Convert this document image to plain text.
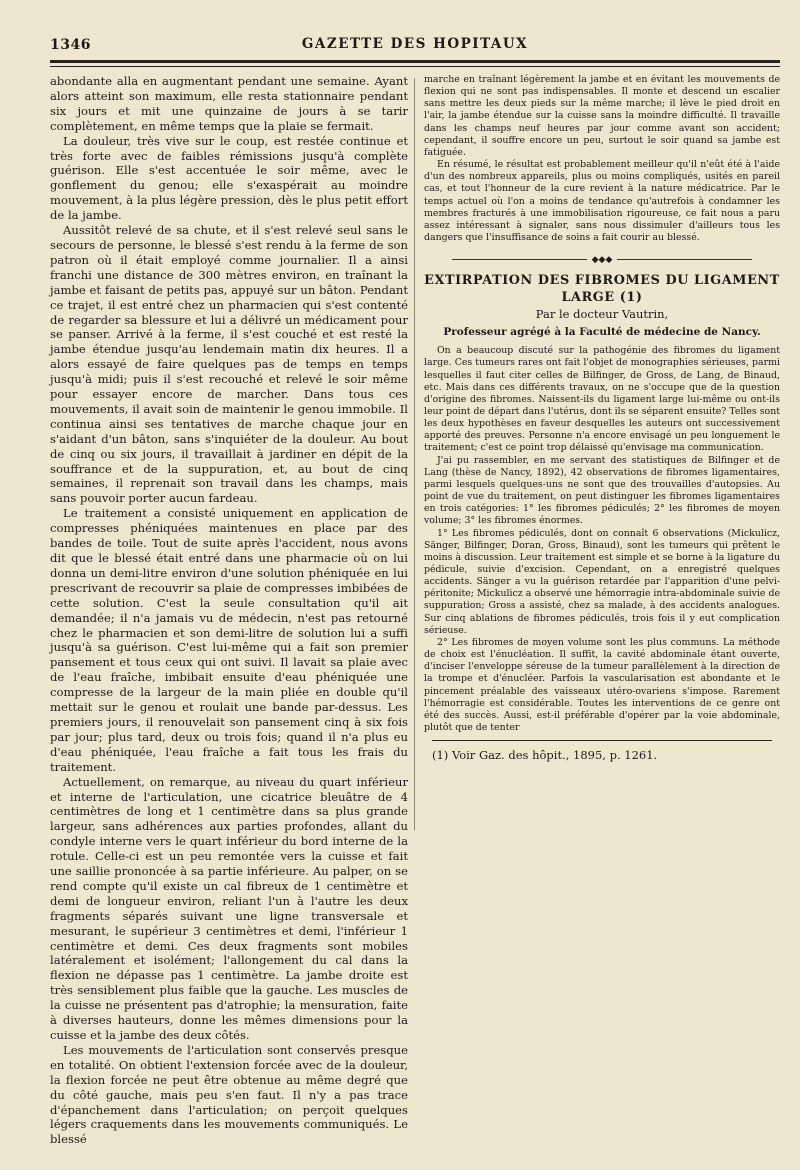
1346	GAZETTE DES HOPITAUX

abondante alla en augmentant pendant une semaine. Ayant alors atteint son maximum, elle resta stationnaire pendant six jours et mit une quinzaine de jours à se tarir complètement, en même temps que la plaie se fermait.

La douleur, très vive sur le coup, est restée continue et très forte avec de faibles rémissions jusqu'à complète guérison. Elle s'est accentuée le soir même, avec le gonflement du genou; elle s'exaspérait au moindre mouvement, à la plus légère pression, dès le plus petit effort de la jambe.

Aussitôt relevé de sa chute, et il s'est relevé seul sans le secours de personne, le blessé s'est rendu à la ferme de son patron où il était employé comme journalier. Il a ainsi franchi une distance de 300 mètres environ, en traînant la jambe et faisant de petits pas, appuyé sur un bâton. Pendant ce trajet, il est entré chez un pharmacien qui s'est contenté de regarder sa blessure et lui a délivré un médicament pour se panser. Arrivé à la ferme, il s'est couché et est resté la jambe étendue jusqu'au lendemain matin dix heures. Il a alors essayé de faire quelques pas de temps en temps jusqu'à midi; puis il s'est recouché et relevé le soir même pour essayer encore de marcher. Dans tous ces mouvements, il avait soin de maintenir le genou immobile. Il continua ainsi ses tentatives de marche chaque jour en s'aidant d'un bâton, sans s'inquiéter de la douleur. Au bout de cinq ou six jours, il travaillait à jardiner en dépit de la souffrance et de la suppuration, et, au bout de cinq semaines, il reprenait son travail dans les champs, mais sans pouvoir porter aucun fardeau.

Le traitement a consisté uniquement en application de compresses phéniquées maintenues en place par des bandes de toile. Tout de suite après l'accident, nous avons dit que le blessé était entré dans une pharmacie où on lui donna un demi-litre environ d'une solution phéniquée en lui prescrivant de recouvrir sa plaie de compresses imbibées de cette solution. C'est la seule consultation qu'il ait demandée; il n'a jamais vu de médecin, n'est pas retourné chez le pharmacien et son demi-litre de solution lui a suffi jusqu'à sa guérison. C'est lui-même qui a fait son premier pansement et tous ceux qui ont suivi. Il lavait sa plaie avec de l'eau fraîche, imbibait ensuite d'eau phéniquée une compresse de la largeur de la main pliée en double qu'il mettait sur le genou et roulait une bande par-dessus. Les premiers jours, il renouvelait son pansement cinq à six fois par jour; plus tard, deux ou trois fois; quand il n'a plus eu d'eau phéniquée, l'eau fraîche a fait tous les frais du traitement.

Actuellement, on remarque, au niveau du quart inférieur et interne de l'articulation, une cicatrice bleuâtre de 4 centimètres de long et 1 centimètre dans sa plus grande largeur, sans adhérences aux parties profondes, allant du condyle interne vers le quart inférieur du bord interne de la rotule. Celle-ci est un peu remontée vers la cuisse et fait une saillie prononcée à sa partie inférieure. Au palper, on se rend compte qu'il existe un cal fibreux de 1 centimètre et demi de longueur environ, reliant l'un à l'autre les deux fragments séparés suivant une ligne transversale et mesurant, le supérieur 3 centimètres et demi, l'inférieur 1 centimètre et demi. Ces deux fragments sont mobiles latéralement et isolément; l'allongement du cal dans la flexion ne dépasse pas 1 centimètre. La jambe droite est très sensiblement plus faible que la gauche. Les muscles de la cuisse ne présentent pas d'atrophie; la mensuration, faite à diverses hauteurs, donne les mêmes dimensions pour la cuisse et la jambe des deux côtés.

Les mouvements de l'articulation sont conservés presque en totalité. On obtient l'extension forcée avec de la douleur, la flexion forcée ne peut être obtenue au même degré que du côté gauche, mais peu s'en faut. Il n'y a pas trace d'épanchement dans l'articulation; on perçoit quelques légers craquements dans les mouvements communiqués. Le blessé

marche en traînant légèrement la jambe et en évitant les mouvements de flexion qui ne sont pas indispensables. Il monte et descend un escalier sans mettre les deux pieds sur la même marche; il lève le pied droit en l'air, la jambe étendue sur la cuisse sans la moindre difficulté. Il travaille dans les champs neuf heures par jour comme avant son accident; cependant, il souffre encore un peu, surtout le soir quand sa jambe est fatiguée.

En résumé, le résultat est probablement meilleur qu'il n'eût été à l'aide d'un des nombreux appareils, plus ou moins compliqués, usités en pareil cas, et tout l'honneur de la cure revient à la nature médicatrice. Par le temps actuel où l'on a moins de tendance qu'autrefois à condamner les membres fracturés à une immobilisation rigoureuse, ce fait nous a paru assez intéressant à signaler, sans nous dissimuler d'ailleurs tous les dangers que l'insuffisance de soins a fait courir au blessé.

◆◆◆
EXTIRPATION DES FIBROMES DU LIGAMENT LARGE (1)
Par le docteur Vautrin,
Professeur agrégé à la Faculté de médecine de Nancy.

On a beaucoup discuté sur la pathogénie des fibromes du ligament large. Ces tumeurs rares ont fait l'objet de monographies sérieuses, parmi lesquelles il faut citer celles de Bilfinger, de Gross, de Lang, de Binaud, etc. Mais dans ces différents travaux, on ne s'occupe que de la question d'origine des fibromes. Naissent-ils du ligament large lui-même ou ont-ils leur point de départ dans l'utérus, dont ils se séparent ensuite? Telles sont les deux hypothèses en faveur desquelles les auteurs ont successivement apporté des preuves. Personne n'a encore envisagé un peu longuement le traitement; c'est ce point trop délaissé qu'envisage ma communication.

J'ai pu rassembler, en me servant des statistiques de Bilfinger et de Lang (thèse de Nancy, 1892), 42 observations de fibromes ligamentaires, parmi lesquels quelques-uns ne sont que des trouvailles d'autopsies. Au point de vue du traitement, on peut distinguer les fibromes ligamentaires en trois catégories: 1° les fibromes pédiculés; 2° les fibromes de moyen volume; 3° les fibromes énormes.

1° Les fibromes pédiculés, dont on connaît 6 observations (Mickulicz, Sänger, Bilfinger, Doran, Gross, Binaud), sont les tumeurs qui prêtent le moins à discussion. Leur traitement est simple et se borne à la ligature du pédicule, suivie d'excision. Cependant, on a enregistré quelques accidents. Sänger a vu la guérison retardée par l'apparition d'une pelvi-péritonite; Mickulicz a observé une hémorragie intra-abdominale suivie de suppuration; Gross a assisté, chez sa malade, à des accidents analogues. Sur cinq ablations de fibromes pédiculés, trois fois il y eut complication sérieuse.

2° Les fibromes de moyen volume sont les plus communs. La méthode de choix est l'énucléation. Il suffit, la cavité abdominale étant ouverte, d'inciser l'enveloppe séreuse de la tumeur parallèlement à la direction de la trompe et d'énucléer. Parfois la vascularisation est abondante et le pincement préalable des vaisseaux utéro-ovariens s'impose. Rarement l'hémorragie est considérable. Toutes les interventions de ce genre ont été des succès. Aussi, est-il préférable d'opérer par la voie abdominale, plutôt que de tenter

(1) Voir Gaz. des hôpit., 1895, p. 1261.
